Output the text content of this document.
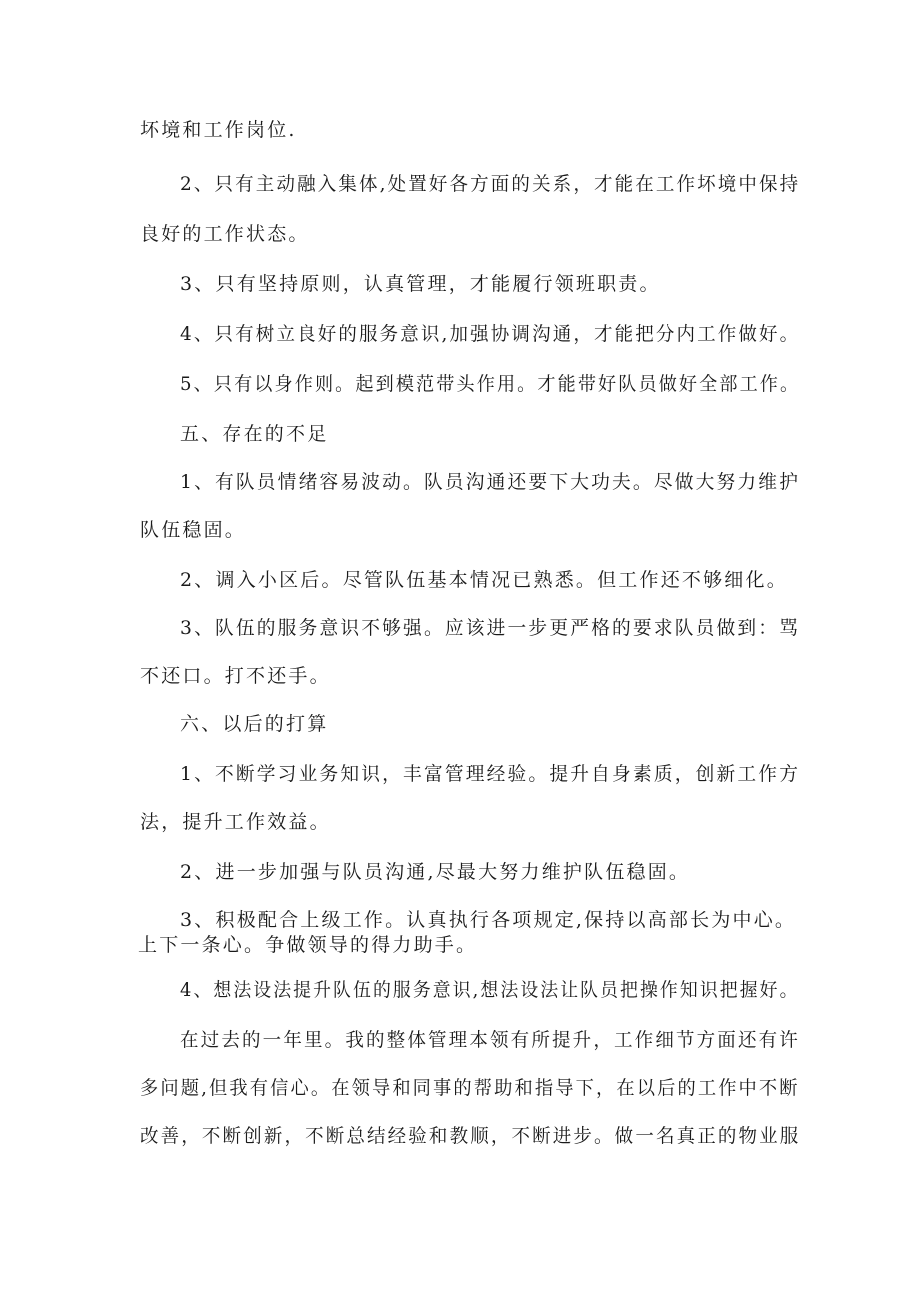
坏境和工作岗位.
2、只有主动融入集体,处置好各方面的关系，才能在工作坏境中保持
良好的工作状态。
3、只有坚持原则，认真管理，才能履行领班职责。
4、只有树立良好的服务意识,加强协调沟通，才能把分内工作做好。
5、只有以身作则。起到模范带头作用。才能带好队员做好全部工作。
五、存在的不足
1、有队员情绪容易波动。队员沟通还要下大功夫。尽做大努力维护
队伍稳固。
2、调入小区后。尽管队伍基本情况已熟悉。但工作还不够细化。
3、队伍的服务意识不够强。应该进一步更严格的要求队员做到：骂
不还口。打不还手。
六、以后的打算
1、不断学习业务知识，丰富管理经验。提升自身素质，创新工作方
法，提升工作效益。
2、进一步加强与队员沟通,尽最大努力维护队伍稳固。
3、积极配合上级工作。认真执行各项规定,保持以高部长为中心。
上下一条心。争做领导的得力助手。
4、想法设法提升队伍的服务意识,想法设法让队员把操作知识把握好。
在过去的一年里。我的整体管理本领有所提升，工作细节方面还有许
多问题,但我有信心。在领导和同事的帮助和指导下，在以后的工作中不断
改善，不断创新，不断总结经验和教顺，不断进步。做一名真正的物业服
